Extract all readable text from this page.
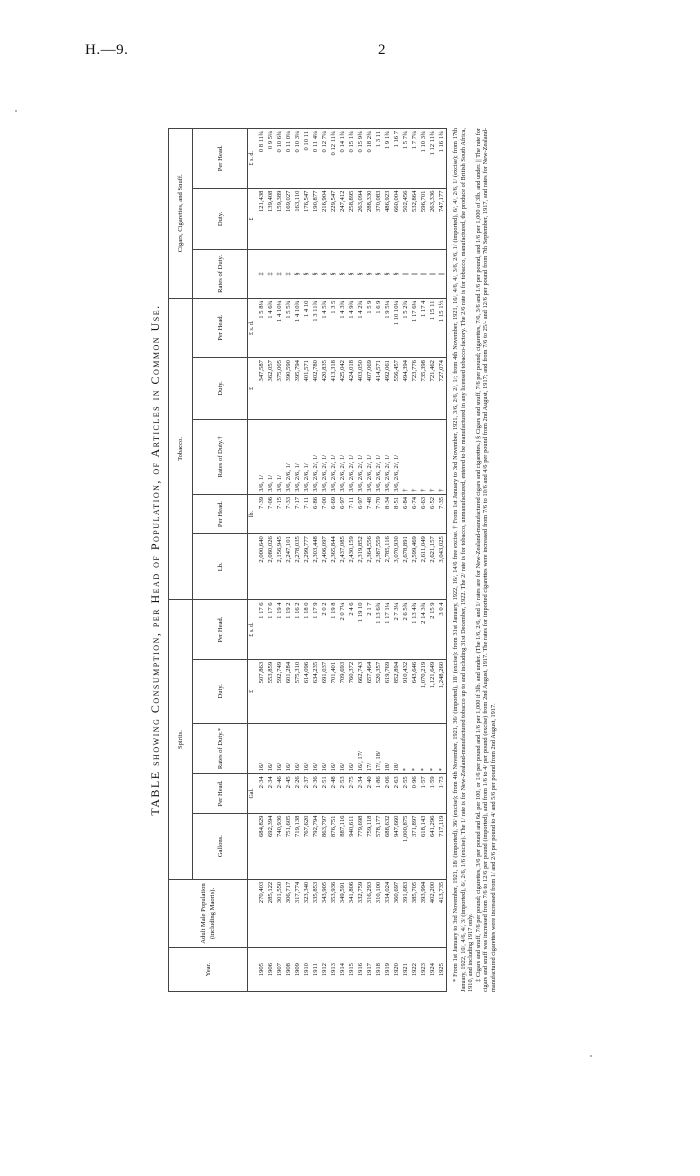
H.—9.	2
TABLE showing Consumption, per Head of Population, of Articles in Common Use.
Year.	Adult Male Population (including Maoris).	Spirits.					Tobacco.					Cigars, Cigarettes, and Snuff.		
		Gallons.	Per Head.	Rates of Duty.*	Duty.	Per Head.	Lb.	Per Head.	Rates of Duty.†	Duty.	Per Head.	Rates of Duty.	Duty.	Per Head.
			Gal.		£	£ s. d.		lb.		£	£ s. d.		£	£ s. d.
1905	270,403	684,829	2·34	16/	507,863	1 17 6	2,000,640	7·39	3/6, 1/	347,587	1 5 8¼	‡	121,438	0 8 11¾
1906	285,122	692,394	2·34	16/	553,859	1 17 6	2,080,026	7·06	3/6, 1/	362,057	1 4 6¾	‡	139,408	0 9 5¼
1907	301,550	740,936	2·46	16/	592,749	1 19 4	2,156,945	7·15	3/6, 1/	375,005	1 4 10¼	‡	159,389	0 10 6¾
1908	306,717	751,605	2·45	16/	601,284	1 19 2	2,247,101	7·33	3/6, 2/6, 1/	390,590	1 5 5¾	‡	169,027	0 11 0¼
1909	317,774	719,138	2·26	16/	575,310	1 16 2	2,278,035	7·17	3/6, 2/6, 1/	395,794	1 4 10¾	§	163,110	0 10 3¼
1910	323,340	767,620	2·37	16/	614,096	1 18 0	2,299,777	7·11	3/6, 2/6, 1/	401,571	1 4 10	§	176,547	0 10 11
1911	335,853	792,794	2·36	16/	634,235	1 17 9	2,303,448	6·86	3/6, 2/6, 2/, 1/	402,780	1 3 11¾	§	190,877	0 11 4¼
1912	343,905	863,797	2·51	16/	691,037	2 0 2	2,406,097	7·00	3/6, 2/6, 2/, 1/	420,835	1 4 5¾	§	216,904	0 12 7¼
1913	353,936	876,751	2·48	16/	701,401	1 19 8	2,365,844	6·69	3/6, 2/6, 2/, 1/	413,318	1 3 5	§	229,547	0 12 11¾
1914	349,591	887,116	2·53	16/	709,693	2 0 7¼	2,437,085	6·97	3/6, 2/6, 2/, 1/	425,042	1 4 3¾	§	247,412	0 14 1¾
1915	341,806	940,611	2·75	16/	760,372	2 4 6	2,430,159	7·11	3/6, 2/6, 2/, 1/	424,018	1 4 9¾	§	258,895	0 15 1¾
1916	332,759	779,698	2·34	16/, 17/	662,743	1 19 10	2,319,852	6·97	3/6, 2/6, 2/, 1/	403,050	1 4 2¾	§	263,094	0 15 9¾
1917	316,293	759,118	2·40	17/	657,464	2 1 7	2,364,556	7·48	3/6, 2/6, 2/, 1/	407,069	1 5 9	§	288,330	0 18 2¾
1918	310,100	578,177	1·86	17/, 18/	520,357	1 13 6¾	2,387,559	7·70	3/6, 2/6, 2/, 1/	414,571	1 6 9	§	370,083	1 3 11
1919	334,024	688,632	2·06	18/	619,769	1 17 1¼	2,785,116	8·34	3/6, 2/6, 2/, 1/	492,061	1 9 5¼	§	486,923	1 9 1¾
1920	360,697	947,660	2·63	18/	852,894	2 7 3¼	3,070,930	8·51	3/6, 2/6, 2/, 1/	556,457	1 10 10¼	§	660,004	1 16 7
1921	391,683	1,000,875	2·55	*	910,432	2 6 5¾	2,678,891	6·84	†	494,394	1 5 2¾	||	502,456	1 5 7¾
1922	385,705	371,897	0·96	*	643,646	1 13 4¾	2,599,469	6·74	†	723,776	1 17 6¼	||	532,864	1 7 7¼
1923	393,994	618,143	1·57	*	1,070,219	2 14 3¾	2,611,049	6·63	†	735,398	1 17 4	||	596,701	1 10 3¾
1924	402,200	641,296	1·59	*	1,121,649	2 15 9	2,621,157	6·52	†	721,462	1 15 11	||	263,336	1 12 11¾
1925	413,735	717,119	1·73	*	1,248,260	3 0 4	3,043,025	7·35	†	727,074	1 15 1½	||	747,177	1 16 1¾ * From 1st January to 3rd November, 1921, 18/ (imported), 36/ (excise); from 4th November, 1921, 36/ (imported), 18/ (excise): from 31st January, 1922, 16/, 14/6 free excise. † From 1st January to 3rd November, 1921, 3/6, 2/6, 2/, 1/; from 4th November, 1921, 16/, 4/6, 4/, 3/6, 2/6, 1/ (imported), 6/, 4/, 2/6, 1/ (excise); from 17th January, 1922, 10/, 4/6, 4/, 3/ (imported), 6/, 2/6, 1/6 (excise). The 1/ rate is for New-Zealand-manufactured tobacco up to and including 31st December, 1922. The 2/ rate is for tobacco, unmanufactured, entered to be manufactured in any licensed tobacco-factory. The 2/6 rate is for tobacco, manufactured, the produce of British South Africa, 1910, and including 1917 only. ‡ Cigars and snuff, 7/6 per pound; cigarettes, 3/6 per pound and 6d. per 100, or 1/6 per pound and 1/6 per 1,000 if 3lb. and under. (The 1/6, 2/6, and 1/ rates are for New-Zealand-manufactured cigars and cigarettes.) § Cigars and snuff, 7/6 per pound; cigarettes, 7/6, 3/6 and 1/6 per pound, and 1/6 per 1,000 of 3lb. and under. || The rate for cigars and snuff was increased from 7/6 to 12/6 per pound (imported), and from 1/6 to 4/ per pound (excise) from 2nd August, 1917. The rates for imported cigarettes were increased from 7/6 to 10/6 and 4/6 per pound from 2nd August, 1917; and from 7/6 to 25/- and 12/6 per pound from 7th September, 1917, and rates for New-Zealand-manufactured cigarettes were increased from 1/ and 2/6 per pound to 4/ and 5/6 per pound from 2nd August, 1917.
